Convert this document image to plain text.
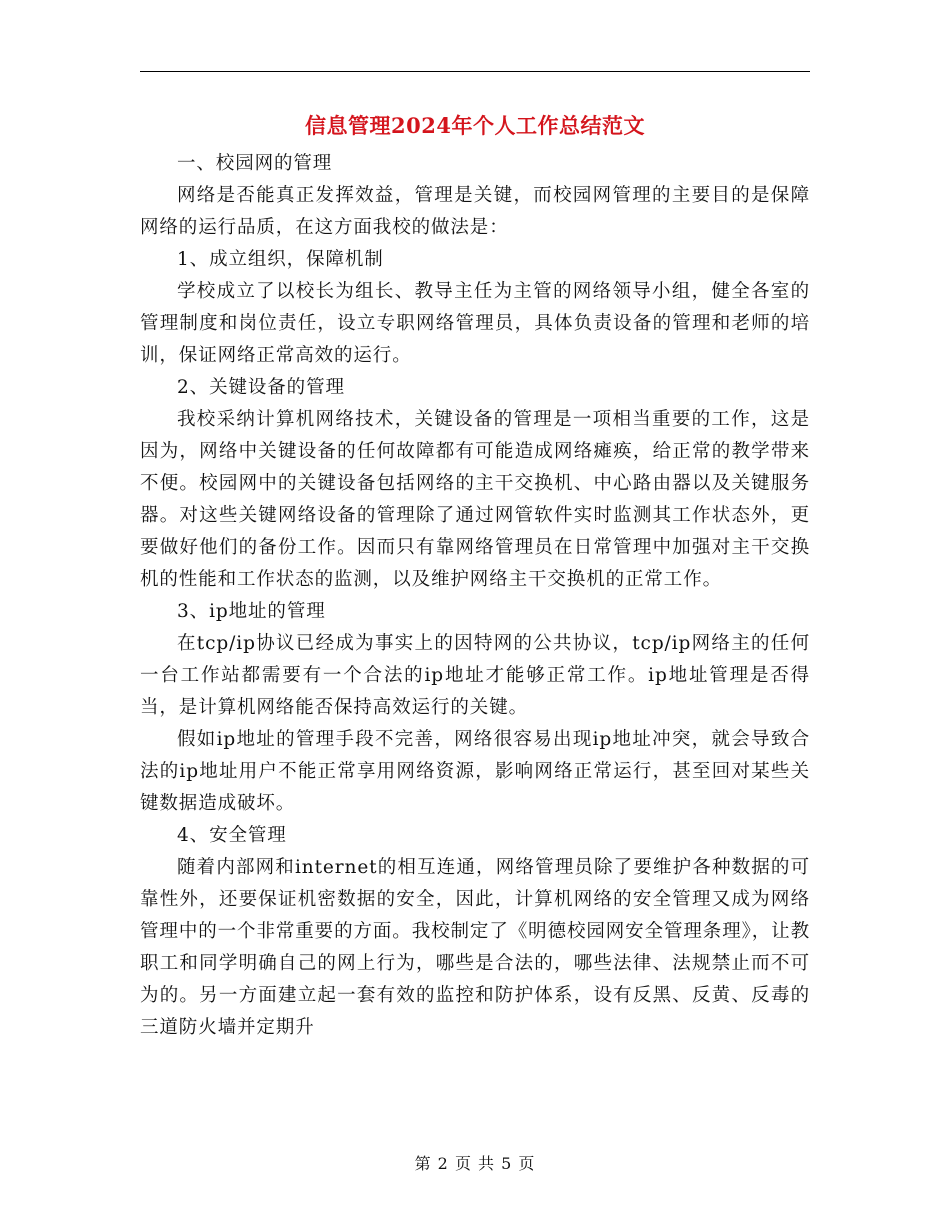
信息管理2024年个人工作总结范文

一、校园网的管理

网络是否能真正发挥效益，管理是关键，而校园网管理的主要目的是保障网络的运行品质，在这方面我校的做法是：

1、成立组织，保障机制

学校成立了以校长为组长、教导主任为主管的网络领导小组，健全各室的管理制度和岗位责任，设立专职网络管理员，具体负责设备的管理和老师的培训，保证网络正常高效的运行。

2、关键设备的管理

我校采纳计算机网络技术，关键设备的管理是一项相当重要的工作，这是因为，网络中关键设备的任何故障都有可能造成网络瘫痪，给正常的教学带来不便。校园网中的关键设备包括网络的主干交换机、中心路由器以及关键服务器。对这些关键网络设备的管理除了通过网管软件实时监测其工作状态外，更要做好他们的备份工作。因而只有靠网络管理员在日常管理中加强对主干交换机的性能和工作状态的监测，以及维护网络主干交换机的正常工作。

3、ip地址的管理

在tcp/ip协议已经成为事实上的因特网的公共协议，tcp/ip网络主的任何一台工作站都需要有一个合法的ip地址才能够正常工作。ip地址管理是否得当，是计算机网络能否保持高效运行的关键。

假如ip地址的管理手段不完善，网络很容易出现ip地址冲突，就会导致合法的ip地址用户不能正常享用网络资源，影响网络正常运行，甚至回对某些关键数据造成破坏。

4、安全管理

随着内部网和internet的相互连通，网络管理员除了要维护各种数据的可靠性外，还要保证机密数据的安全，因此，计算机网络的安全管理又成为网络管理中的一个非常重要的方面。我校制定了《明德校园网安全管理条理》，让教职工和同学明确自己的网上行为，哪些是合法的，哪些法律、法规禁止而不可为的。另一方面建立起一套有效的监控和防护体系，设有反黑、反黄、反毒的三道防火墙并定期升

第 2 页 共 5 页
